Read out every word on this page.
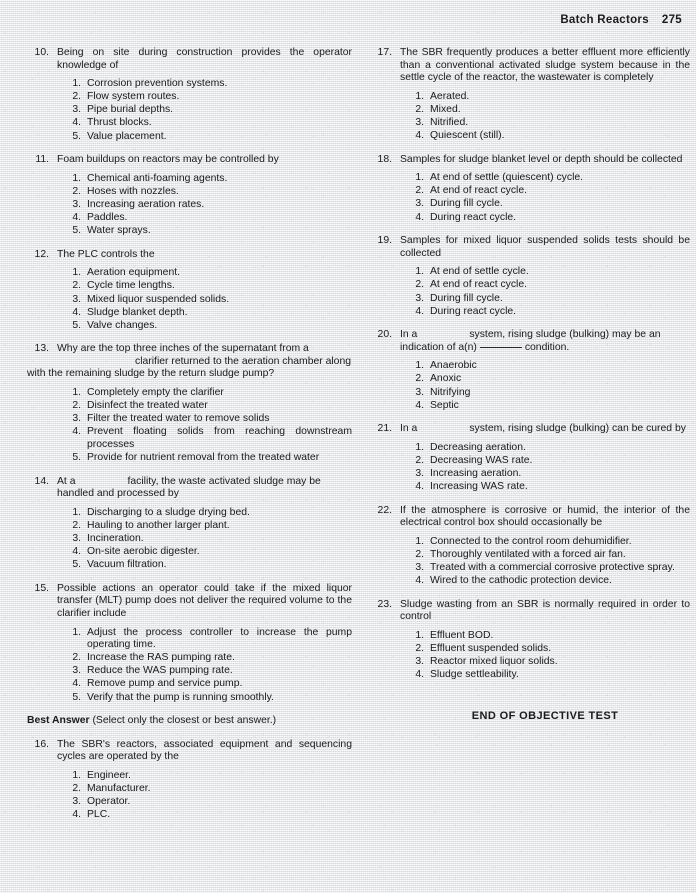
Batch Reactors 275
10. Being on site during construction provides the operator knowledge of
1. Corrosion prevention systems.
2. Flow system routes.
3. Pipe burial depths.
4. Thrust blocks.
5. Value placement.
11. Foam buildups on reactors may be controlled by
1. Chemical anti-foaming agents.
2. Hoses with nozzles.
3. Increasing aeration rates.
4. Paddles.
5. Water sprays.
12. The PLC controls the
1. Aeration equipment.
2. Cycle time lengths.
3. Mixed liquor suspended solids.
4. Sludge blanket depth.
5. Valve changes.
13. Why are the top three inches of the supernatant from a
clarifier returned to the aeration chamber along
with the remaining sludge by the return sludge pump?
1. Completely empty the clarifier
2. Disinfect the treated water
3. Filter the treated water to remove solids
4. Prevent floating solids from reaching downstream processes
5. Provide for nutrient removal from the treated water
14. At a	facility, the waste activated sludge may be handled and processed by
1. Discharging to a sludge drying bed.
2. Hauling to another larger plant.
3. Incineration.
4. On-site aerobic digester.
5. Vacuum filtration.
15. Possible actions an operator could take if the mixed liquor transfer (MLT) pump does not deliver the required volume to the clarifier include
1. Adjust the process controller to increase the pump operating time.
2. Increase the RAS pumping rate.
3. Reduce the WAS pumping rate.
4. Remove pump and service pump.
5. Verify that the pump is running smoothly.
Best Answer (Select only the closest or best answer.)
16. The SBR's reactors, associated equipment and sequencing cycles are operated by the
1. Engineer.
2. Manufacturer.
3. Operator.
4. PLC.
17. The SBR frequently produces a better effluent more efficiently than a conventional activated sludge system because in the settle cycle of the reactor, the wastewater is completely
1. Aerated.
2. Mixed.
3. Nitrified.
4. Quiescent (still).
18. Samples for sludge blanket level or depth should be collected
1. At end of settle (quiescent) cycle.
2. At end of react cycle.
3. During fill cycle.
4. During react cycle.
19. Samples for mixed liquor suspended solids tests should be collected
1. At end of settle cycle.
2. At end of react cycle.
3. During fill cycle.
4. During react cycle.
20. In a	system, rising sludge (bulking) may be an indication of a(n)	condition.
1. Anaerobic
2. Anoxic
3. Nitrifying
4. Septic
21. In a	system, rising sludge (bulking) can be cured by
1. Decreasing aeration.
2. Decreasing WAS rate.
3. Increasing aeration.
4. Increasing WAS rate.
22. If the atmosphere is corrosive or humid, the interior of the electrical control box should occasionally be
1. Connected to the control room dehumidifier.
2. Thoroughly ventilated with a forced air fan.
3. Treated with a commercial corrosive protective spray.
4. Wired to the cathodic protection device.
23. Sludge wasting from an SBR is normally required in order to control
1. Effluent BOD.
2. Effluent suspended solids.
3. Reactor mixed liquor solids.
4. Sludge settleability.
END OF OBJECTIVE TEST
